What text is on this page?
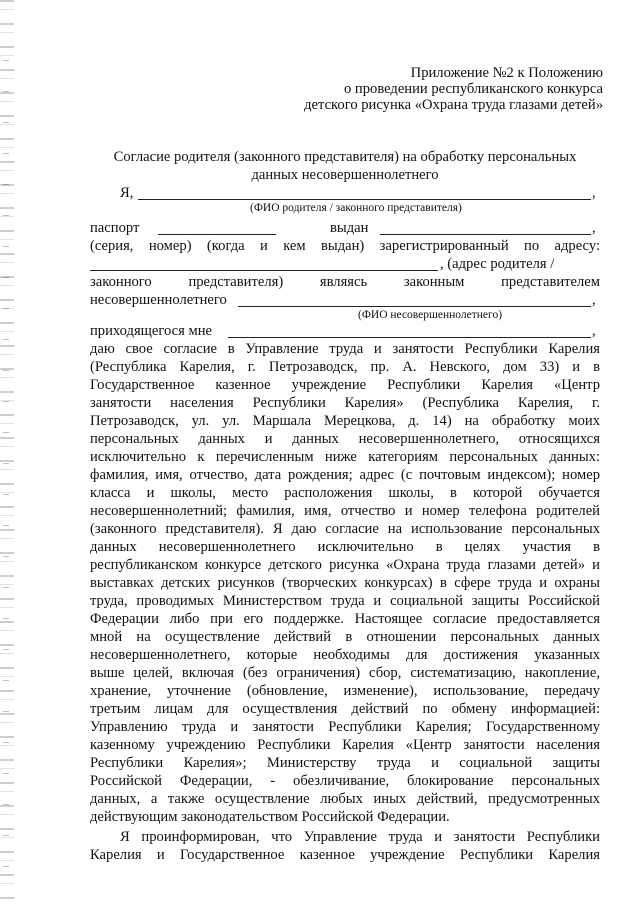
Приложение №2 к Положению
о проведении республиканского конкурса
детского рисунка «Охрана труда глазами детей»
Согласие родителя (законного представителя) на обработку персональных
данных несовершеннолетнего
Я,	,
(ФИО родителя / законного представителя)
паспорт	выдан	,
(серия, номер) (когда и кем выдан) зарегистрированный по адресу:
, (адрес родителя /
законного представителя) являясь законным представителем
несовершеннолетнего	,
(ФИО несовершеннолетнего)
приходящегося мне	,
даю свое согласие в Управление труда и занятости Республики Карелия
(Республика Карелия, г. Петрозаводск, пр. А. Невского, дом 33) и в
Государственное казенное учреждение Республики Карелия «Центр
занятости населения Республики Карелия» (Республика Карелия, г.
Петрозаводск, ул. ул. Маршала Мерецкова, д. 14) на обработку моих
персональных данных и данных несовершеннолетнего, относящихся
исключительно к перечисленным ниже категориям персональных данных:
фамилия, имя, отчество, дата рождения; адрес (с почтовым индексом); номер
класса и школы, место расположения школы, в которой обучается
несовершеннолетний; фамилия, имя, отчество и номер телефона родителей
(законного представителя). Я даю согласие на использование персональных
данных несовершеннолетнего исключительно в целях участия в
республиканском конкурсе детского рисунка «Охрана труда глазами детей» и
выставках детских рисунков (творческих конкурсах) в сфере труда и охраны
труда, проводимых Министерством труда и социальной защиты Российской
Федерации либо при его поддержке. Настоящее согласие предоставляется
мной на осуществление действий в отношении персональных данных
несовершеннолетнего, которые необходимы для достижения указанных
выше целей, включая (без ограничения) сбор, систематизацию, накопление,
хранение, уточнение (обновление, изменение), использование, передачу
третьим лицам для осуществления действий по обмену информацией:
Управлению труда и занятости Республики Карелия; Государственному
казенному учреждению Республики Карелия «Центр занятости населения
Республики Карелия»; Министерству труда и социальной защиты
Российской Федерации, - обезличивание, блокирование персональных
данных, а также осуществление любых иных действий, предусмотренных
действующим законодательством Российской Федерации.
Я проинформирован, что Управление труда и занятости Республики
Карелия и Государственное казенное учреждение Республики Карелия
